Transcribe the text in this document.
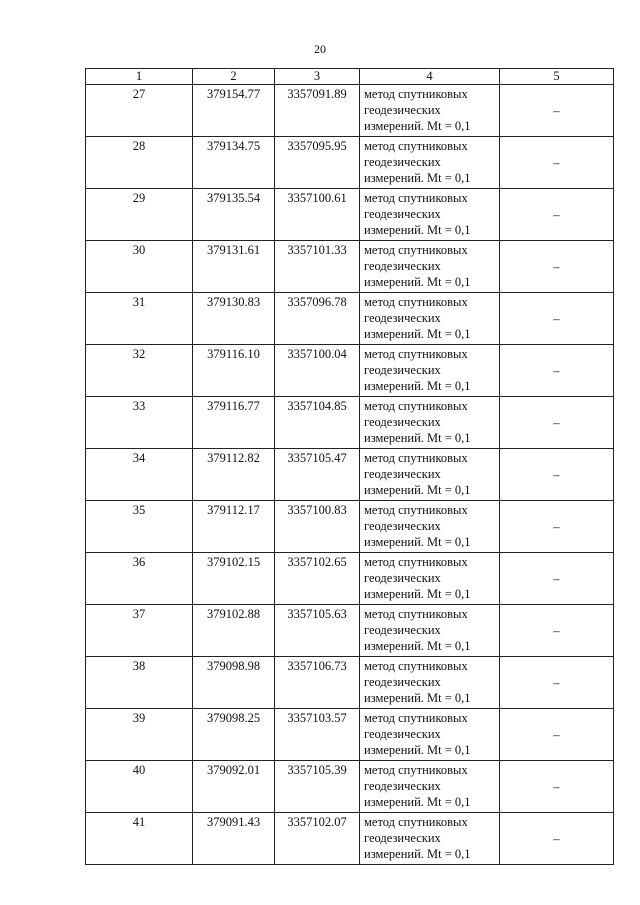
20
1	2	3	4	5
27	379154.77	3357091.89	метод спутниковых
геодезических
измерений. Mt = 0,1	–
28	379134.75	3357095.95	метод спутниковых
геодезических
измерений. Mt = 0,1	–
29	379135.54	3357100.61	метод спутниковых
геодезических
измерений. Mt = 0,1	–
30	379131.61	3357101.33	метод спутниковых
геодезических
измерений. Mt = 0,1	–
31	379130.83	3357096.78	метод спутниковых
геодезических
измерений. Mt = 0,1	–
32	379116.10	3357100.04	метод спутниковых
геодезических
измерений. Mt = 0,1	–
33	379116.77	3357104.85	метод спутниковых
геодезических
измерений. Mt = 0,1	–
34	379112.82	3357105.47	метод спутниковых
геодезических
измерений. Mt = 0,1	–
35	379112.17	3357100.83	метод спутниковых
геодезических
измерений. Mt = 0,1	–
36	379102.15	3357102.65	метод спутниковых
геодезических
измерений. Mt = 0,1	–
37	379102.88	3357105.63	метод спутниковых
геодезических
измерений. Mt = 0,1	–
38	379098.98	3357106.73	метод спутниковых
геодезических
измерений. Mt = 0,1	–
39	379098.25	3357103.57	метод спутниковых
геодезических
измерений. Mt = 0,1	–
40	379092.01	3357105.39	метод спутниковых
геодезических
измерений. Mt = 0,1	–
41	379091.43	3357102.07	метод спутниковых
геодезических
измерений. Mt = 0,1	–
